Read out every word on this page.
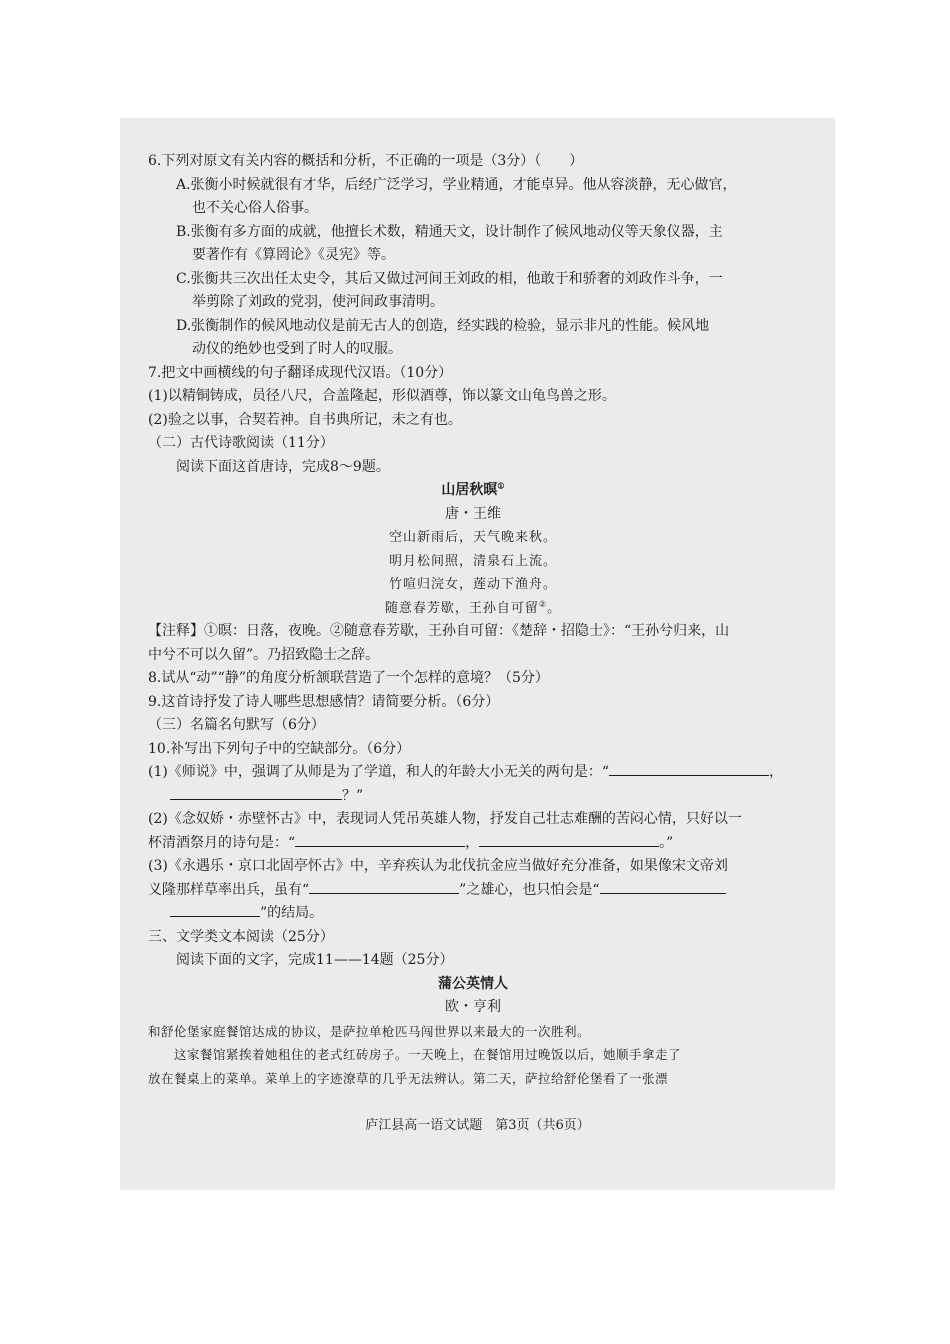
6.下列对原文有关内容的概括和分析，不正确的一项是（3分）（　　）
A.张衡小时候就很有才华，后经广泛学习，学业精通，才能卓异。他从容淡静，无心做官，
也不关心俗人俗事。
B.张衡有多方面的成就，他擅长术数，精通天文，设计制作了候风地动仪等天象仪器，主
要著作有《算罔论》《灵宪》等。
C.张衡共三次出任太史令，其后又做过河间王刘政的相，他敢于和骄奢的刘政作斗争，一
举剪除了刘政的党羽，使河间政事清明。
D.张衡制作的候风地动仪是前无古人的创造，经实践的检验，显示非凡的性能。候风地
动仪的绝妙也受到了时人的叹服。
7.把文中画横线的句子翻译成现代汉语。（10分）
(1)以精铜铸成，员径八尺，合盖隆起，形似酒尊，饰以篆文山龟鸟兽之形。
(2)验之以事，合契若神。自书典所记，未之有也。
（二）古代诗歌阅读（11分）
阅读下面这首唐诗，完成8～9题。
山居秋暝①
唐・王维
空山新雨后，天气晚来秋。
明月松间照，清泉石上流。
竹喧归浣女，莲动下渔舟。
随意春芳歇，王孙自可留②。
【注释】①暝：日落，夜晚。②随意春芳歇，王孙自可留：《楚辞・招隐士》：“王孙兮归来，山
中兮不可以久留”。乃招致隐士之辞。
8.试从“动”“静”的角度分析颔联营造了一个怎样的意境？（5分）
9.这首诗抒发了诗人哪些思想感情？请简要分析。（6分）
（三）名篇名句默写（6分）
10.补写出下列句子中的空缺部分。（6分）
(1)《师说》中，强调了从师是为了学道，和人的年龄大小无关的两句是：“	，
？”
(2)《念奴娇・赤壁怀古》中，表现词人凭吊英雄人物，抒发自己壮志难酬的苦闷心情，只好以一
杯清酒祭月的诗句是：“	，	。”
(3)《永遇乐・京口北固亭怀古》中，辛弃疾认为北伐抗金应当做好充分准备，如果像宋文帝刘
义隆那样草率出兵，虽有“	”之雄心，也只怕会是“
”的结局。
三、文学类文本阅读（25分）
阅读下面的文字，完成11——14题（25分）
蒲公英情人
欧・亨利
和舒伦堡家庭餐馆达成的协议，是萨拉单枪匹马闯世界以来最大的一次胜利。
这家餐馆紧挨着她租住的老式红砖房子。一天晚上，在餐馆用过晚饭以后，她顺手拿走了
放在餐桌上的菜单。菜单上的字迹潦草的几乎无法辨认。第二天，萨拉给舒伦堡看了一张漂
庐江县高一语文试题　第3页（共6页）
